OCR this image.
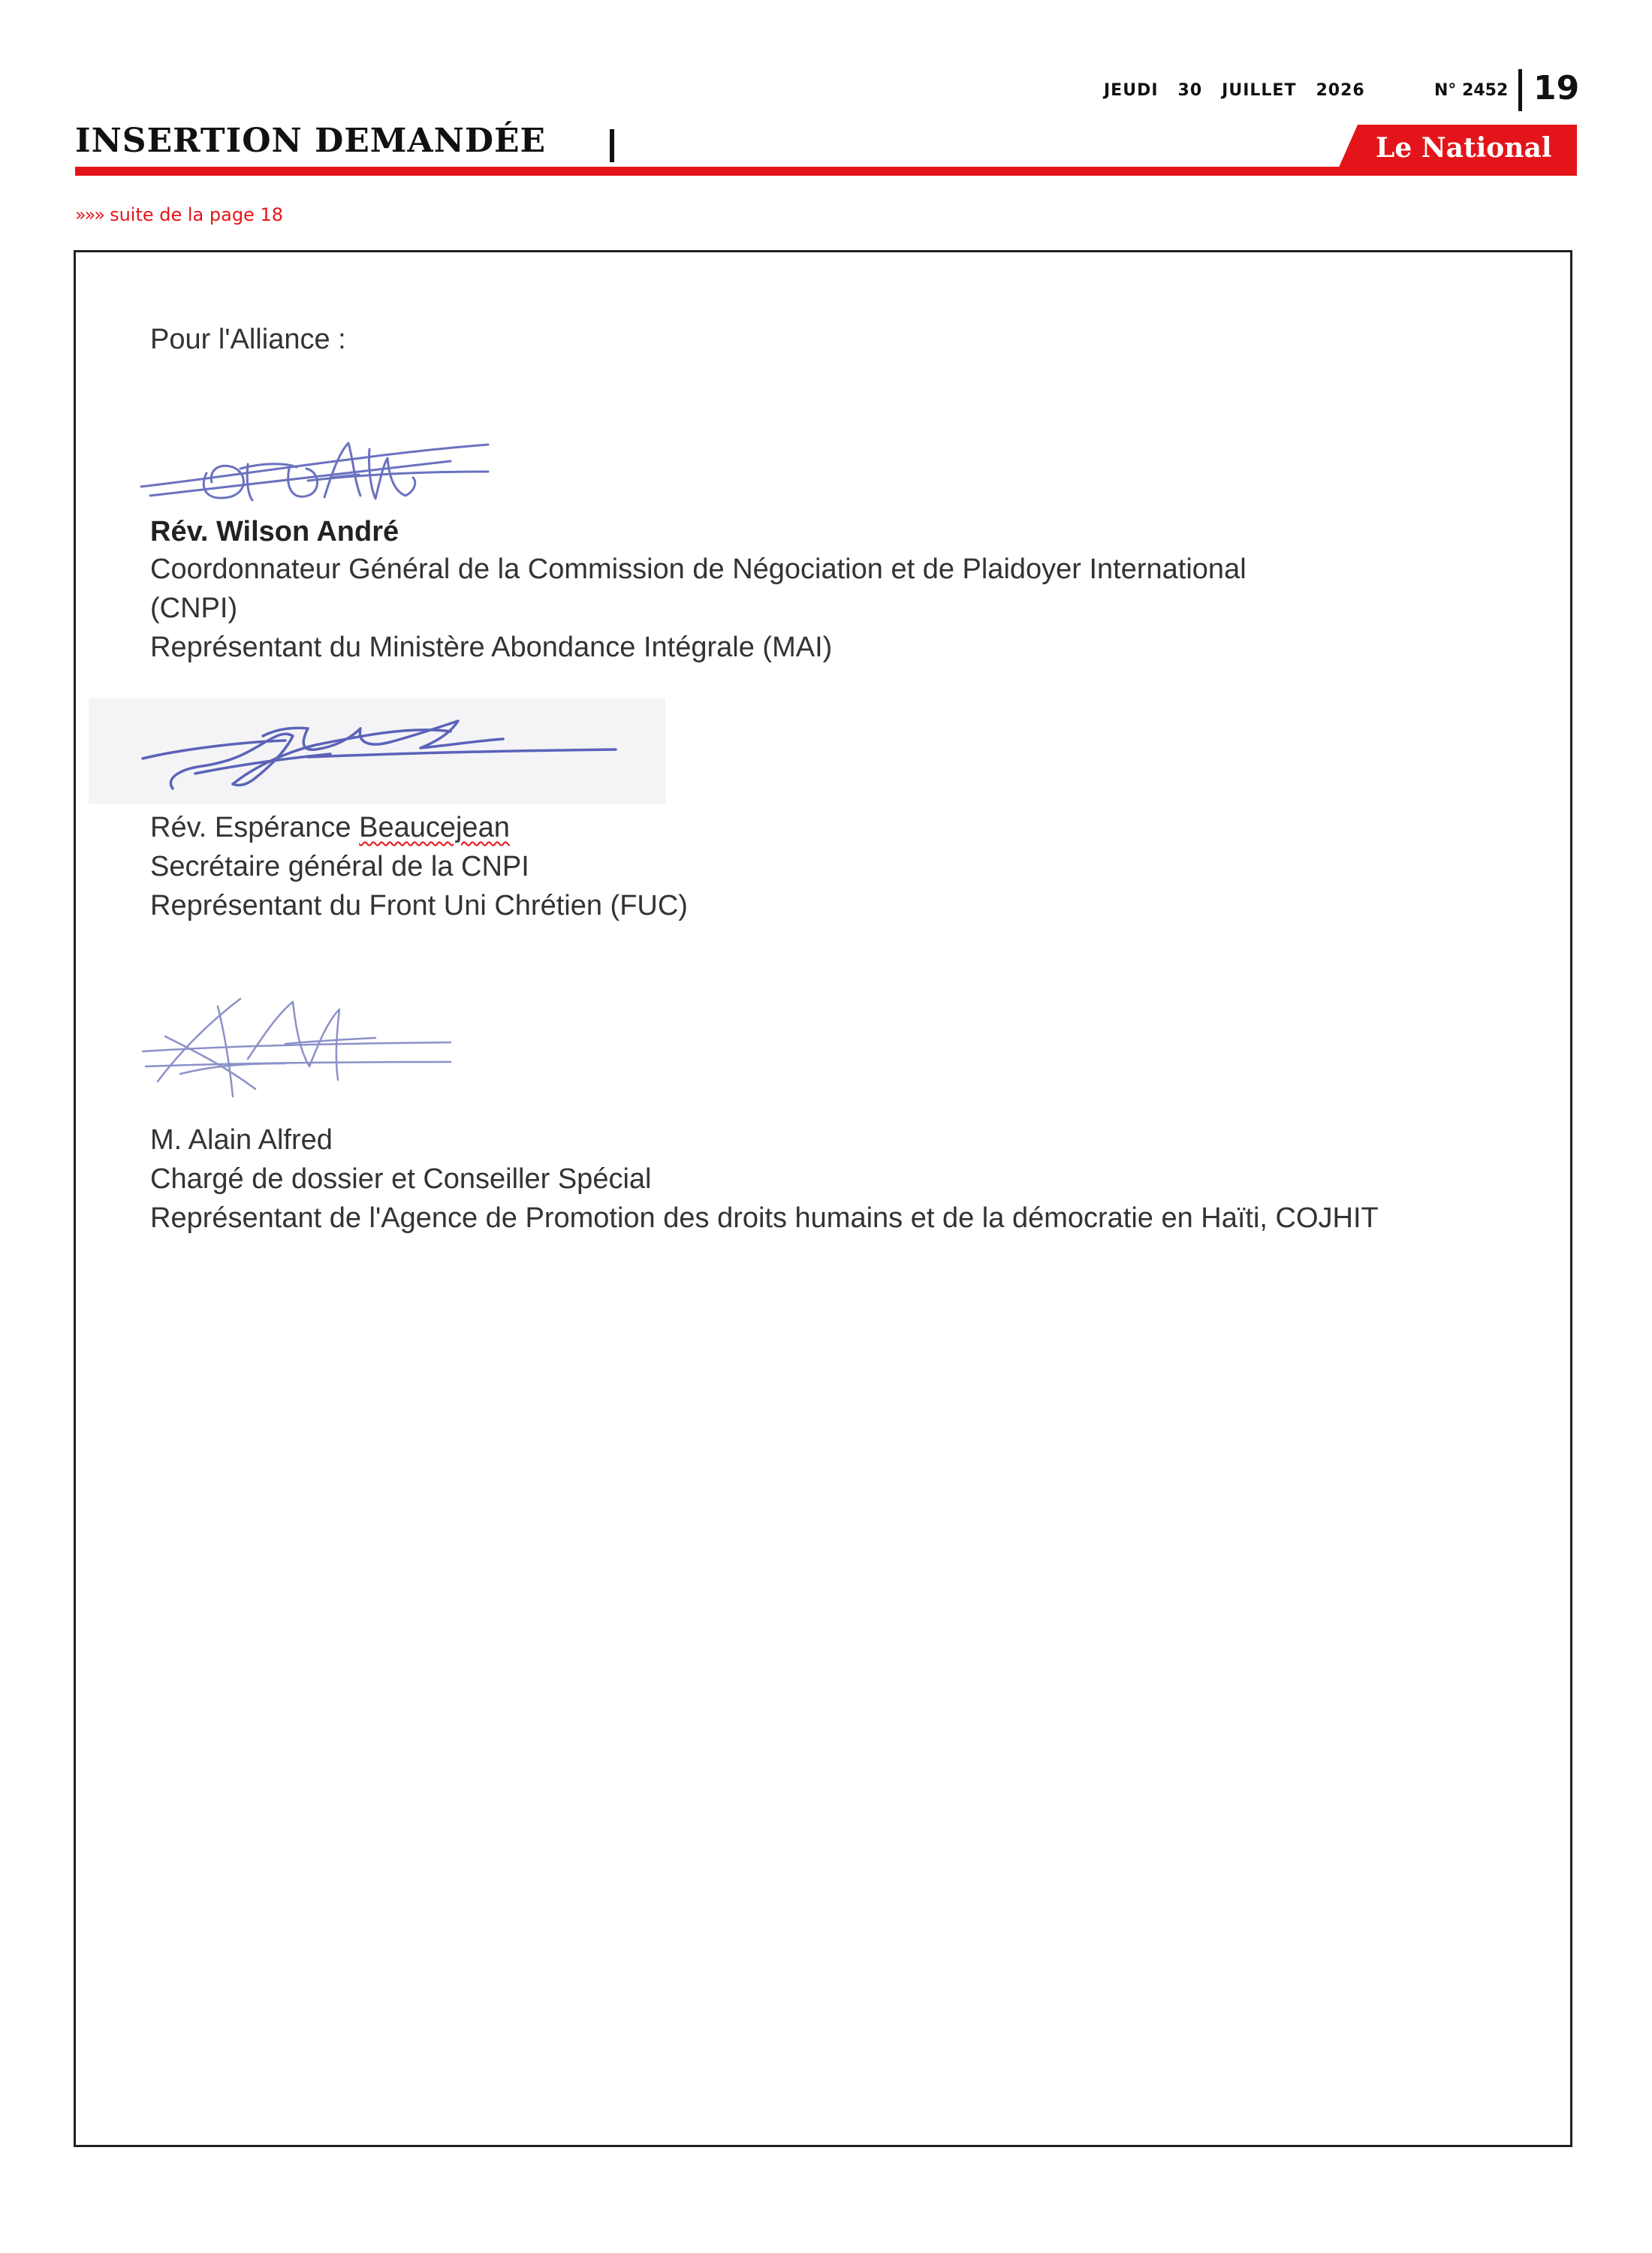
JEUDI 30 JUILLET 2026	N° 2452 19
INSERTION DEMANDÉE	Le National
»»» suite de la page 18
Pour l'Alliance :
Rév. Wilson André
Coordonnateur Général de la Commission de Négociation et de Plaidoyer International
(CNPI)
Représentant du Ministère Abondance Intégrale (MAI)
Rév. Espérance Beaucejean
Secrétaire général de la CNPI
Représentant du Front Uni Chrétien (FUC)
M. Alain Alfred
Chargé de dossier et Conseiller Spécial
Représentant de l'Agence de Promotion des droits humains et de la démocratie en Haïti, COJHIT
